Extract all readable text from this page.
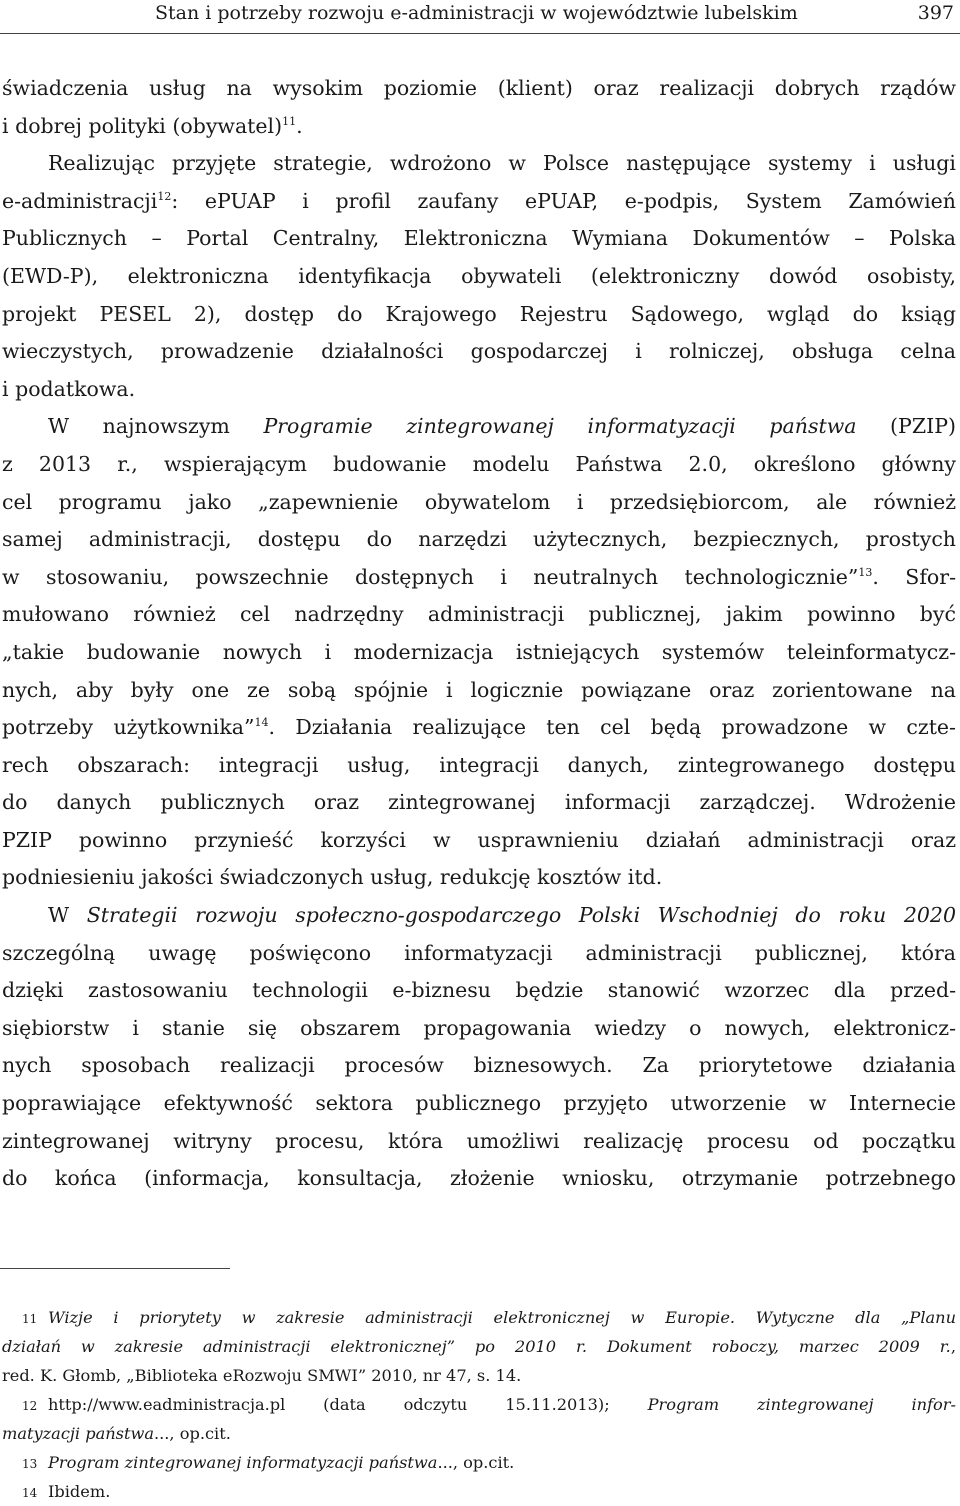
Stan i potrzeby rozwoju e-administracji w województwie lubelskim	397
świadczenia usług na wysokim poziomie (klient) oraz realizacji dobrych rządów
i dobrej polityki (obywatel)$^{11}$.
Realizując przyjęte strategie, wdrożono w Polsce następujące systemy i usługi
e-administracji$^{12}$: ePUAP i profil zaufany ePUAP, e-podpis, System Zamówień
Publicznych – Portal Centralny, Elektroniczna Wymiana Dokumentów – Polska
(EWD-P), elektroniczna identyfikacja obywateli (elektroniczny dowód osobisty,
projekt PESEL 2), dostęp do Krajowego Rejestru Sądowego, wgląd do ksiąg
wieczystych, prowadzenie działalności gospodarczej i rolniczej, obsługa celna
i podatkowa.
W najnowszym Programie zintegrowanej informatyzacji państwa (PZIP)
z 2013 r., wspierającym budowanie modelu Państwa 2.0, określono główny
cel programu jako „zapewnienie obywatelom i przedsiębiorcom, ale również
samej administracji, dostępu do narzędzi użytecznych, bezpiecznych, prostych
w stosowaniu, powszechnie dostępnych i neutralnych technologicznie”$^{13}$. Sfor-
mułowano również cel nadrzędny administracji publicznej, jakim powinno być
„takie budowanie nowych i modernizacja istniejących systemów teleinformatycz-
nych, aby były one ze sobą spójnie i logicznie powiązane oraz zorientowane na
potrzeby użytkownika”$^{14}$. Działania realizujące ten cel będą prowadzone w czte-
rech obszarach: integracji usług, integracji danych, zintegrowanego dostępu
do danych publicznych oraz zintegrowanej informacji zarządczej. Wdrożenie
PZIP powinno przynieść korzyści w usprawnieniu działań administracji oraz
podniesieniu jakości świadczonych usług, redukcję kosztów itd.
W Strategii rozwoju społeczno-gospodarczego Polski Wschodniej do roku 2020
szczególną uwagę poświęcono informatyzacji administracji publicznej, która
dzięki zastosowaniu technologii e-biznesu będzie stanowić wzorzec dla przed-
siębiorstw i stanie się obszarem propagowania wiedzy o nowych, elektronicz-
nych sposobach realizacji procesów biznesowych. Za priorytetowe działania
poprawiające efektywność sektora publicznego przyjęto utworzenie w Internecie
zintegrowanej witryny procesu, która umożliwi realizację procesu od początku
do końca (informacja, konsultacja, złożenie wniosku, otrzymanie potrzebnego
11 Wizje i priorytety w zakresie administracji elektronicznej w Europie. Wytyczne dla „Planu
działań w zakresie administracji elektronicznej” po 2010 r. Dokument roboczy, marzec 2009 r.,
red. K. Głomb, „Biblioteka eRozwoju SMWI” 2010, nr 47, s. 14.
12 http://www.eadministracja.pl (data odczytu 15.11.2013); Program zintegrowanej infor-
matyzacji państwa..., op.cit.
13 Program zintegrowanej informatyzacji państwa..., op.cit.
14 Ibidem.
